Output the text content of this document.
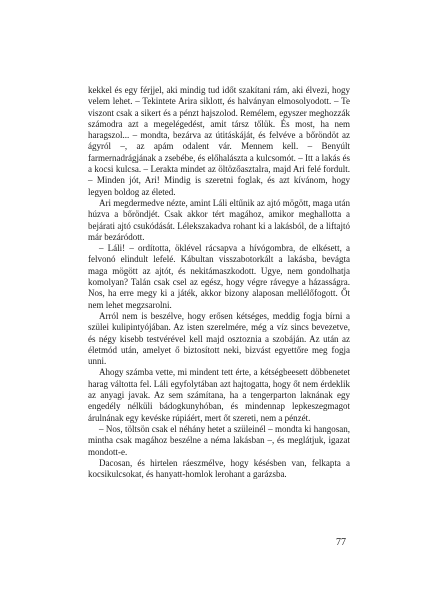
kekkel és egy férjjel, aki mindig tud időt szakítani rám, aki élvezi, hogy velem lehet. – Tekintete Arira siklott, és halványan elmosolyodott. – Te viszont csak a sikert és a pénzt hajszolod. Remélem, egyszer meghozzák számodra azt a megelégedést, amit társz tőlük. És most, ha nem haragszol... – mondta, bezárva az útitáskáját, és felvéve a bőröndöt az ágyról –, az apám odalent vár. Mennem kell. – Benyúlt farmernadrágjának a zsebébe, és előhalászta a kulcsomót. – Itt a lakás és a kocsi kulcsa. – Lerakta mindet az öltözőasztalra, majd Ari felé fordult. – Minden jót, Ari! Mindig is szeretni foglak, és azt kívánom, hogy legyen boldog az életed.

Ari megdermedve nézte, amint Láli eltűnik az ajtó mögött, maga után húzva a bőröndjét. Csak akkor tért magához, amikor meghallotta a bejárati ajtó csukódását. Lélekszakadva rohant ki a lakásból, de a liftajtó már bezáródott.

– Láli! – ordította, öklével rácsapva a hívógombra, de elkésett, a felvonó elindult lefelé. Kábultan visszabotorkált a lakásba, bevágta maga mögött az ajtót, és nekitámaszkodott. Ugye, nem gondolhatja komolyan? Talán csak csel az egész, hogy végre rávegye a házasságra. Nos, ha erre megy ki a játék, akkor bizony alaposan mellélőfogott. Őt nem lehet megzsarolni.

Arról nem is beszélve, hogy erősen kétséges, meddig fogja bírni a szülei kulipintyójában. Az isten szerelmére, még a víz sincs bevezetve, és négy kisebb testvérével kell majd osztoznia a szobáján. Az után az életmód után, amelyet ő biztosított neki, bizvást egyettőre meg fogja unni.

Ahogy számba vette, mi mindent tett érte, a kétségbeesett döbbenetet harag váltotta fel. Láli egyfolytában azt hajtogatta, hogy őt nem érdeklik az anyagi javak. Az sem számítana, ha a tengerparton laknának egy engedély nélküli bádogkunyhóban, és mindennap lepkeszegmagot árulnának egy kevéske rúpiáért, mert őt szereti, nem a pénzét.

– Nos, töltsön csak el néhány hetet a szüleinél – mondta ki hangosan, mintha csak magához beszélne a néma lakásban –, és meglátjuk, igazat mondott-e.

Dacosan, és hirtelen ráeszmélve, hogy késésben van, felkapta a kocsikulcsokat, és hanyatt-homlok lerohant a garázsba.

77
